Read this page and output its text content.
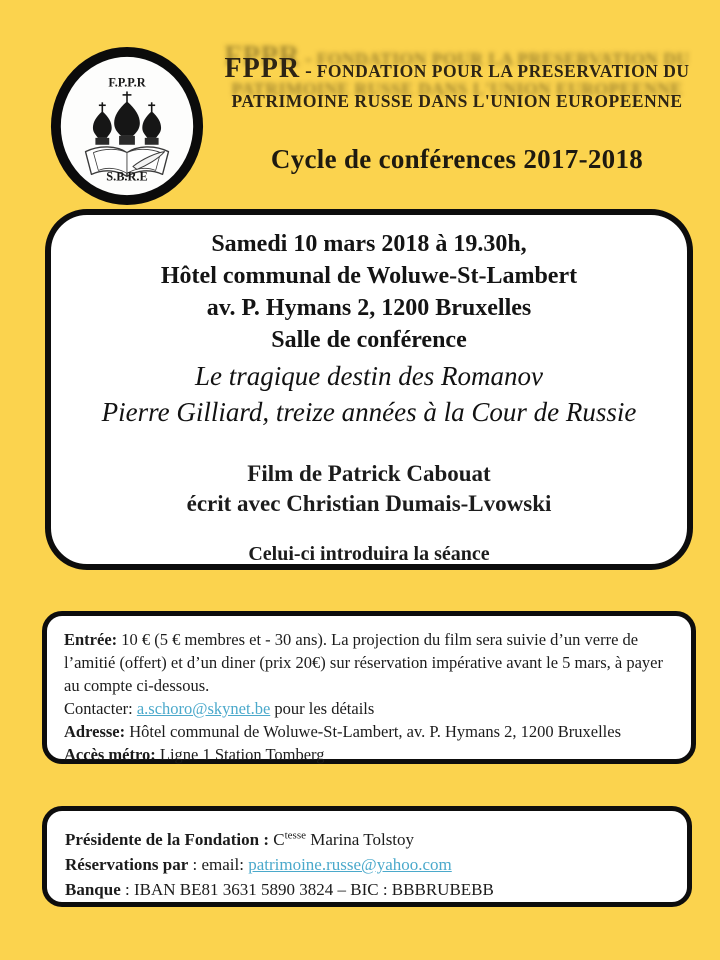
F.P.P.R
S.B.R.E
FPPR - FONDATION POUR LA PRESERVATION DU
PATRIMOINE RUSSE DANS L'UNION EUROPEENNE
Cycle de conférences 2017-2018
Samedi 10 mars 2018 à 19.30h,
Hôtel communal de Woluwe-St-Lambert
av. P. Hymans 2, 1200 Bruxelles
Salle de conférence
Le tragique destin des Romanov
Pierre Gilliard, treize années à la Cour de Russie
Film de Patrick Cabouat
écrit avec Christian Dumais-Lvowski
Celui-ci introduira la séance
Entrée: 10 € (5 € membres et - 30 ans). La projection du film sera suivie d’un verre de l’amitié (offert) et d’un diner (prix 20€) sur réservation impérative avant le 5 mars, à payer au compte ci-dessous.
Contacter: a.schoro@skynet.be pour les détails
Adresse: Hôtel communal de Woluwe-St-Lambert, av. P. Hymans 2, 1200 Bruxelles
Accès métro: Ligne 1 Station Tomberg
Présidente de la Fondation : $C^{tesse}$ Marina Tolstoy
Réservations par : email: patrimoine.russe@yahoo.com
Banque : IBAN BE81 3631 5890 3824 – BIC : BBBRUBEBB
